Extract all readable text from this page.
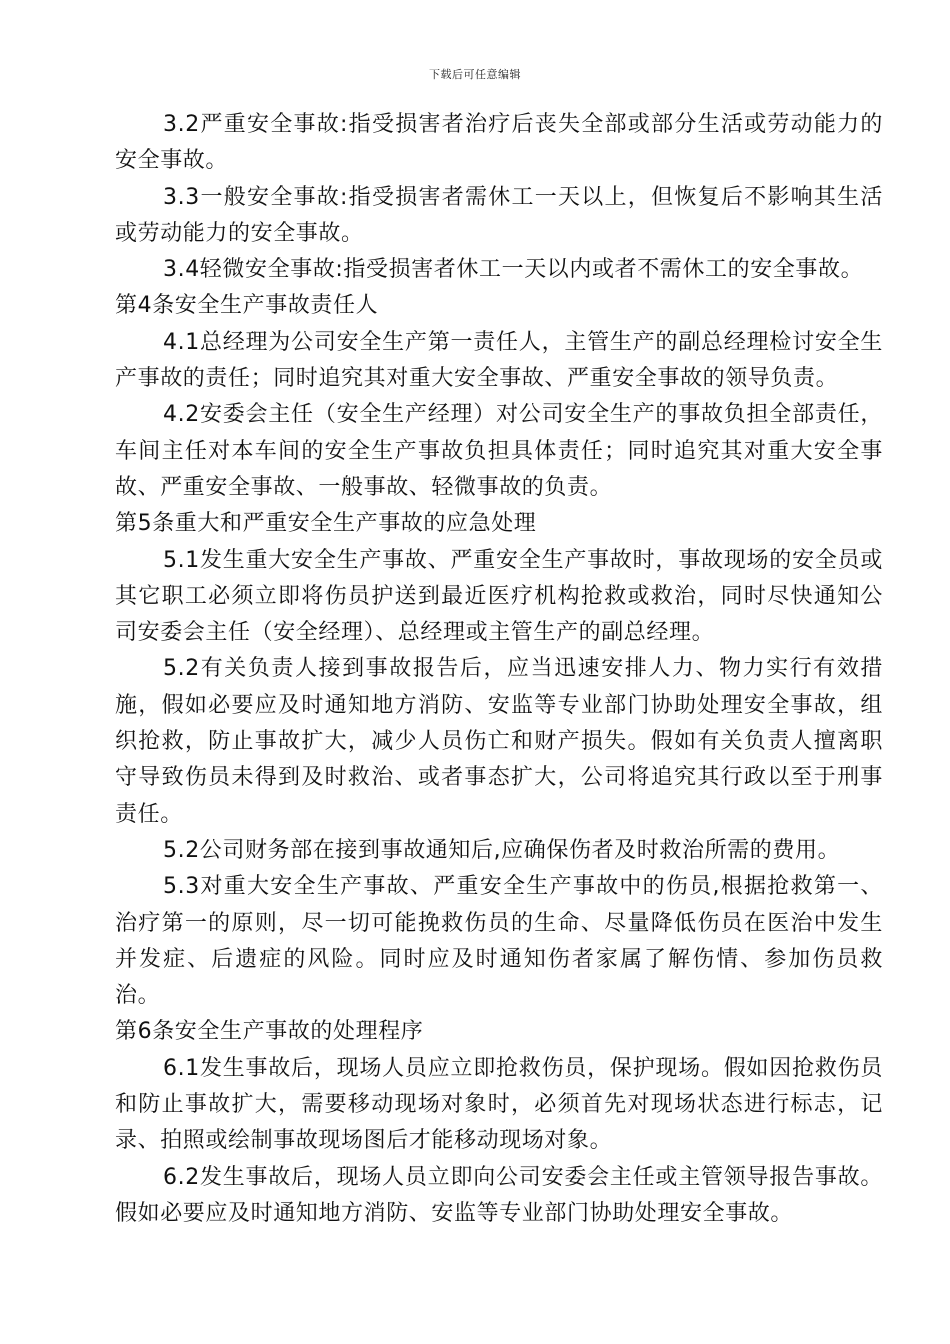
下载后可任意编辑

3.2严重安全事故:指受损害者治疗后丧失全部或部分生活或劳动能力的安全事故。

3.3一般安全事故:指受损害者需休工一天以上，但恢复后不影响其生活或劳动能力的安全事故。

3.4轻微安全事故:指受损害者休工一天以内或者不需休工的安全事故。

第4条安全生产事故责任人

4.1总经理为公司安全生产第一责任人，主管生产的副总经理检讨安全生产事故的责任；同时追究其对重大安全事故、严重安全事故的领导负责。

4.2安委会主任（安全生产经理）对公司安全生产的事故负担全部责任，车间主任对本车间的安全生产事故负担具体责任；同时追究其对重大安全事故、严重安全事故、一般事故、轻微事故的负责。

第5条重大和严重安全生产事故的应急处理

5.1发生重大安全生产事故、严重安全生产事故时，事故现场的安全员或其它职工必须立即将伤员护送到最近医疗机构抢救或救治，同时尽快通知公司安委会主任（安全经理）、总经理或主管生产的副总经理。

5.2有关负责人接到事故报告后，应当迅速安排人力、物力实行有效措施，假如必要应及时通知地方消防、安监等专业部门协助处理安全事故，组织抢救，防止事故扩大，减少人员伤亡和财产损失。假如有关负责人擅离职守导致伤员未得到及时救治、或者事态扩大，公司将追究其行政以至于刑事责任。

5.2公司财务部在接到事故通知后,应确保伤者及时救治所需的费用。

5.3对重大安全生产事故、严重安全生产事故中的伤员,根据抢救第一、治疗第一的原则，尽一切可能挽救伤员的生命、尽量降低伤员在医治中发生并发症、后遗症的风险。同时应及时通知伤者家属了解伤情、参加伤员救治。

第6条安全生产事故的处理程序

6.1发生事故后，现场人员应立即抢救伤员，保护现场。假如因抢救伤员和防止事故扩大，需要移动现场对象时，必须首先对现场状态进行标志，记录、拍照或绘制事故现场图后才能移动现场对象。

6.2发生事故后，现场人员立即向公司安委会主任或主管领导报告事故。假如必要应及时通知地方消防、安监等专业部门协助处理安全事故。
